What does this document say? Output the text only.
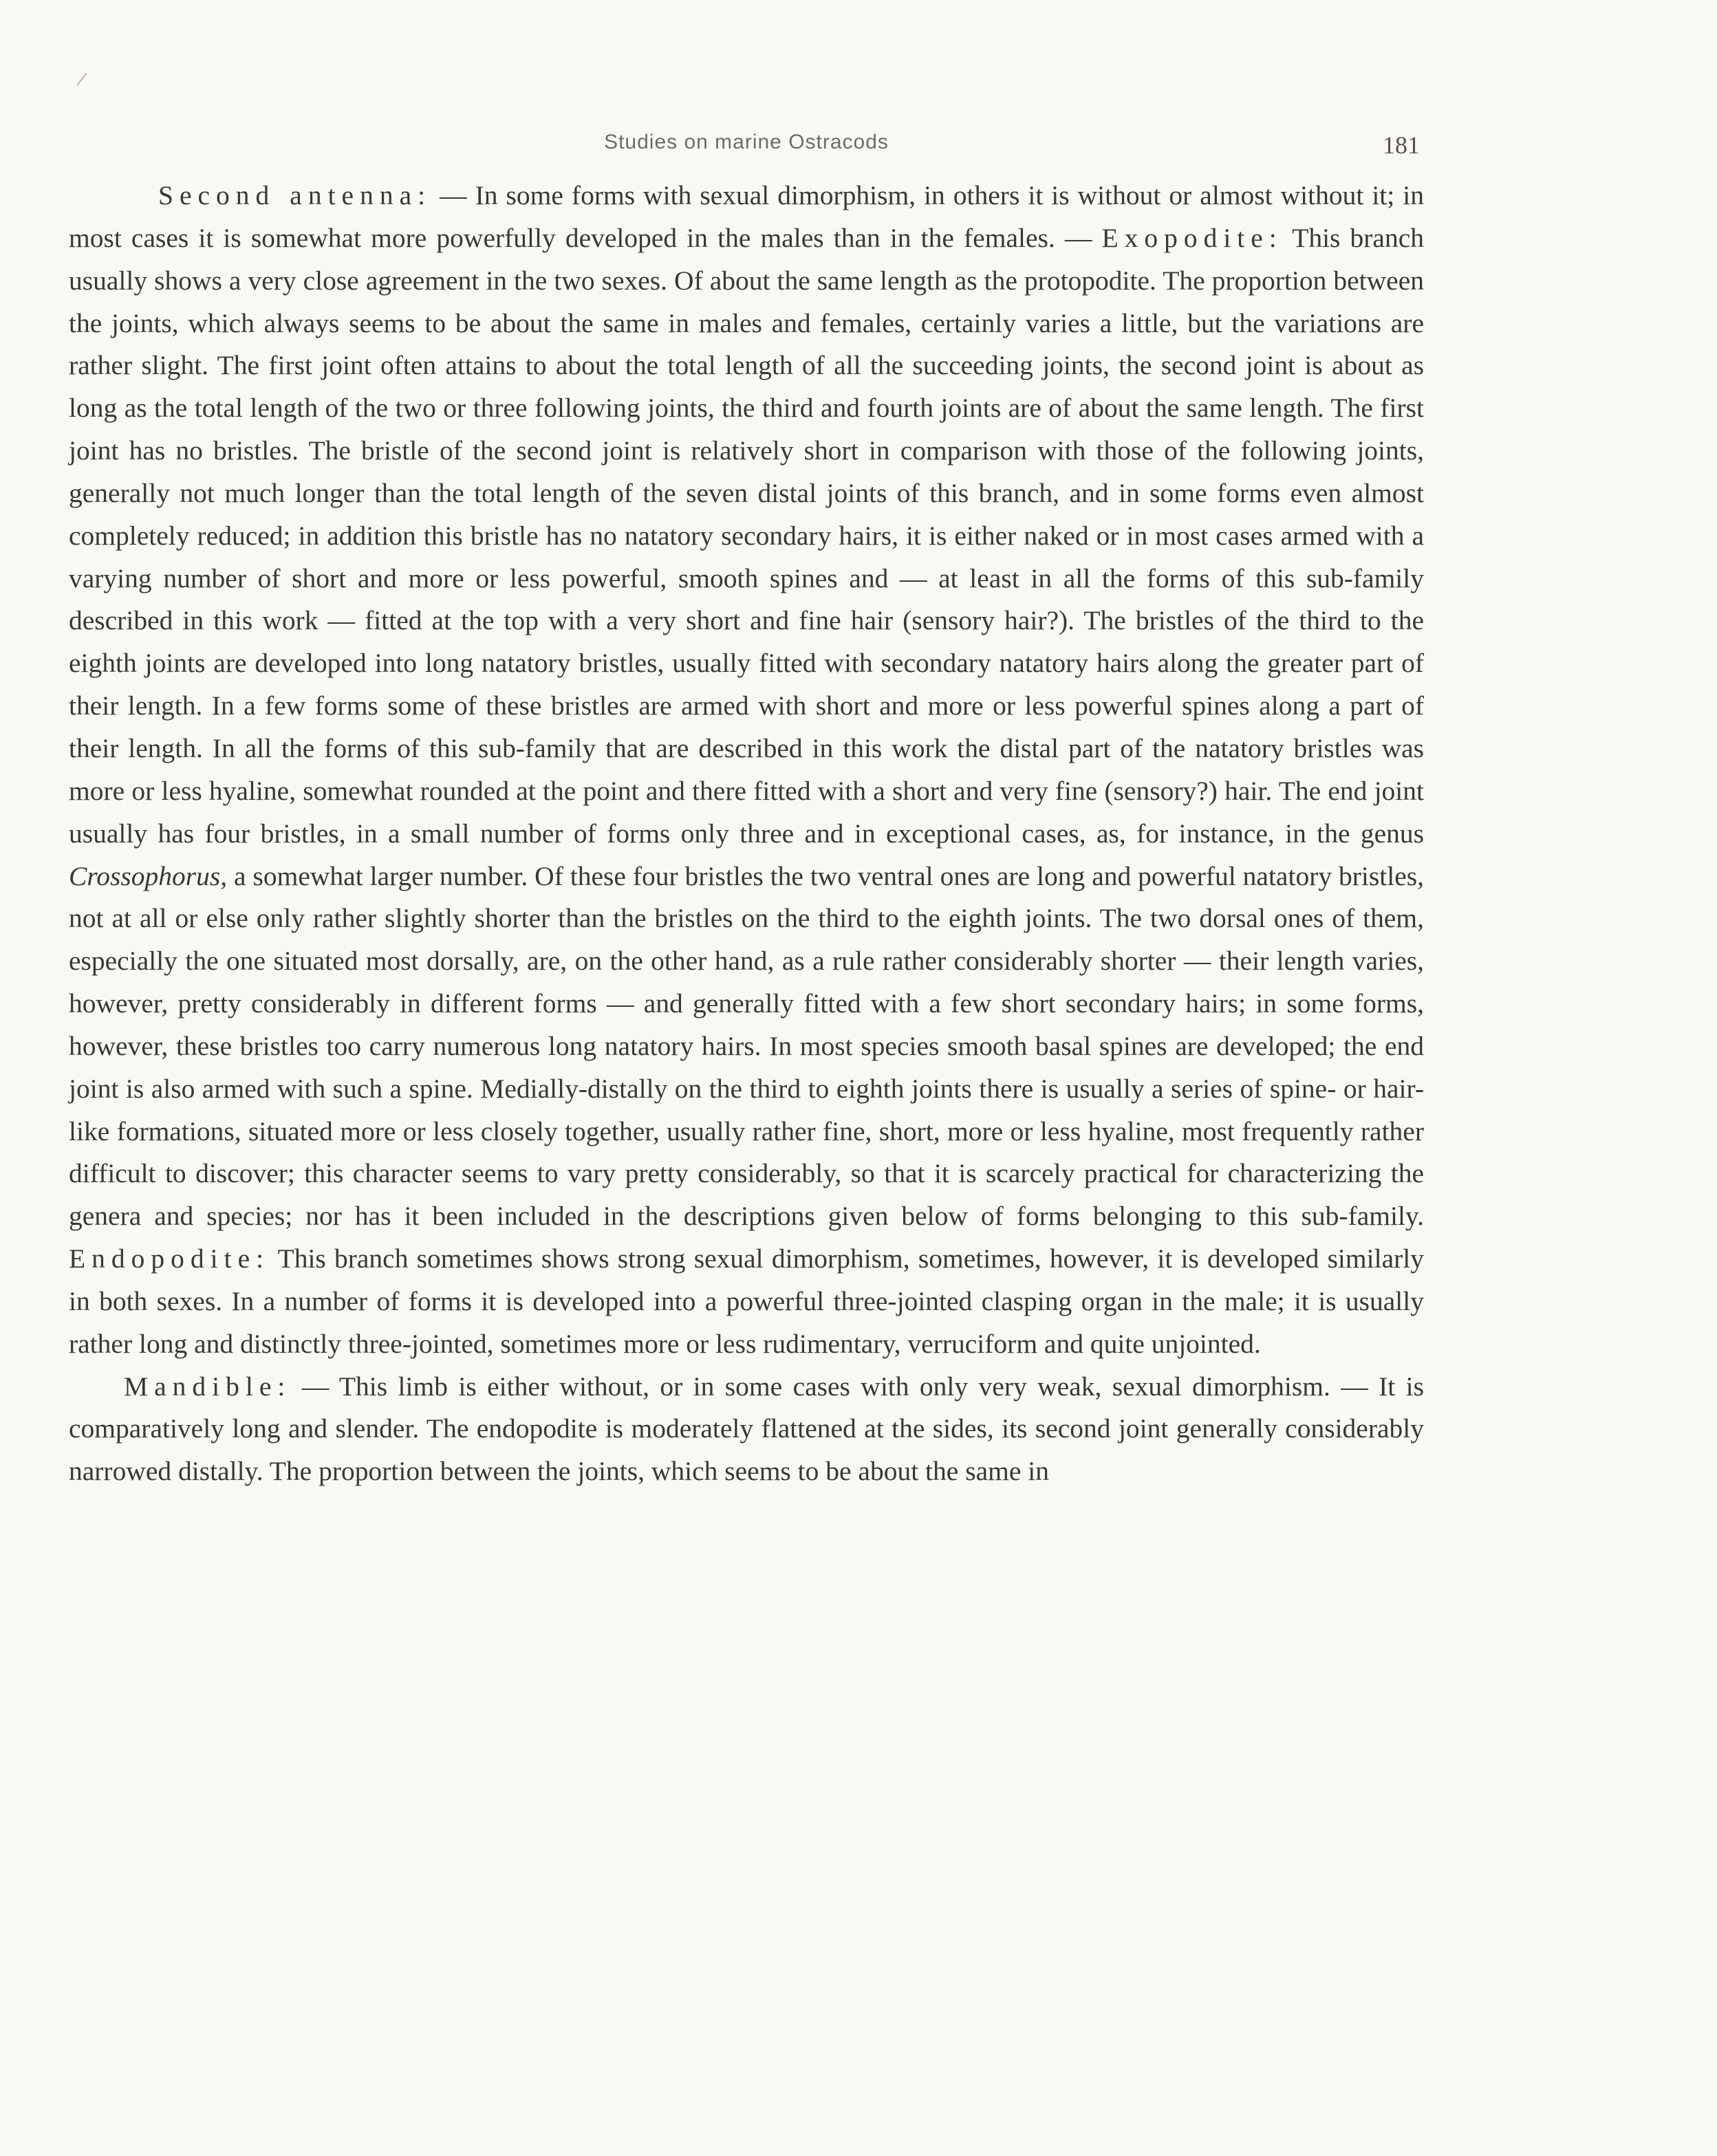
Studies on marine Ostracods	181

Second antenna: — In some forms with sexual dimorphism, in others it is without or almost without it; in most cases it is somewhat more powerfully developed in the males than in the females. — Exopodite: This branch usually shows a very close agreement in the two sexes. Of about the same length as the protopodite. The proportion between the joints, which always seems to be about the same in males and females, certainly varies a little, but the variations are rather slight. The first joint often attains to about the total length of all the succeeding joints, the second joint is about as long as the total length of the two or three following joints, the third and fourth joints are of about the same length. The first joint has no bristles. The bristle of the second joint is relatively short in comparison with those of the following joints, generally not much longer than the total length of the seven distal joints of this branch, and in some forms even almost completely reduced; in addition this bristle has no natatory secondary hairs, it is either naked or in most cases armed with a varying number of short and more or less powerful, smooth spines and — at least in all the forms of this sub-family described in this work — fitted at the top with a very short and fine hair (sensory hair?). The bristles of the third to the eighth joints are developed into long natatory bristles, usually fitted with secondary natatory hairs along the greater part of their length. In a few forms some of these bristles are armed with short and more or less powerful spines along a part of their length. In all the forms of this sub-family that are described in this work the distal part of the natatory bristles was more or less hyaline, somewhat rounded at the point and there fitted with a short and very fine (sensory?) hair. The end joint usually has four bristles, in a small number of forms only three and in exceptional cases, as, for instance, in the genus Crossophorus, a somewhat larger number. Of these four bristles the two ventral ones are long and powerful natatory bristles, not at all or else only rather slightly shorter than the bristles on the third to the eighth joints. The two dorsal ones of them, especially the one situated most dorsally, are, on the other hand, as a rule rather considerably shorter — their length varies, however, pretty considerably in different forms — and generally fitted with a few short secondary hairs; in some forms, however, these bristles too carry numerous long natatory hairs. In most species smooth basal spines are developed; the end joint is also armed with such a spine. Medially-distally on the third to eighth joints there is usually a series of spine- or hair-like formations, situated more or less closely together, usually rather fine, short, more or less hyaline, most frequently rather difficult to discover; this character seems to vary pretty considerably, so that it is scarcely practical for characterizing the genera and species; nor has it been included in the descriptions given below of forms belonging to this sub-family. Endopodite: This branch sometimes shows strong sexual dimorphism, sometimes, however, it is developed similarly in both sexes. In a number of forms it is developed into a powerful three-jointed clasping organ in the male; it is usually rather long and distinctly three-jointed, sometimes more or less rudimentary, verruciform and quite unjointed.

Mandible: — This limb is either without, or in some cases with only very weak, sexual dimorphism. — It is comparatively long and slender. The endopodite is moderately flattened at the sides, its second joint generally considerably narrowed distally. The proportion between the joints, which seems to be about the same in
